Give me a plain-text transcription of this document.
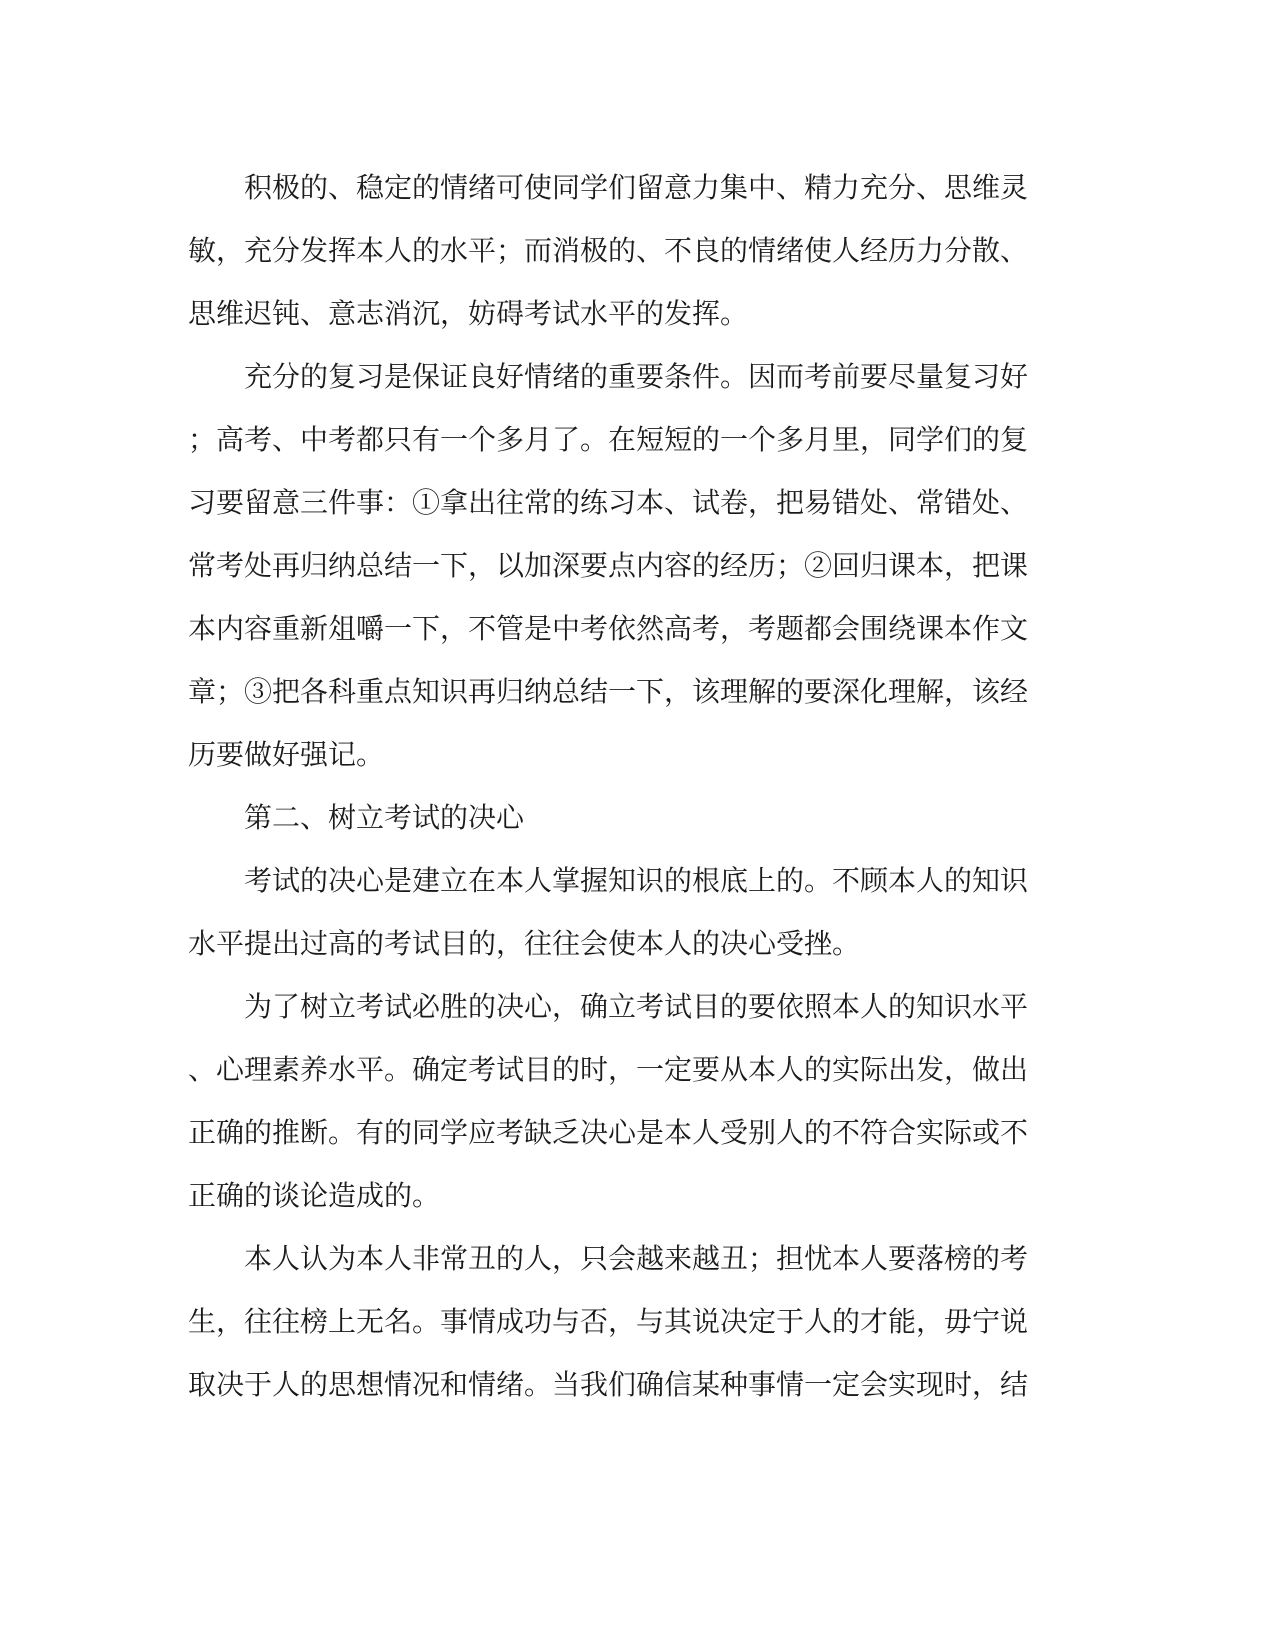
积极的、稳定的情绪可使同学们留意力集中、精力充分、思维灵
敏，充分发挥本人的水平；而消极的、不良的情绪使人经历力分散、
思维迟钝、意志消沉，妨碍考试水平的发挥。

充分的复习是保证良好情绪的重要条件。因而考前要尽量复习好
；高考、中考都只有一个多月了。在短短的一个多月里，同学们的复
习要留意三件事：①拿出往常的练习本、试卷，把易错处、常错处、
常考处再归纳总结一下，以加深要点内容的经历；②回归课本，把课
本内容重新俎嚼一下，不管是中考依然高考，考题都会围绕课本作文
章；③把各科重点知识再归纳总结一下，该理解的要深化理解，该经
历要做好强记。

第二、树立考试的决心

考试的决心是建立在本人掌握知识的根底上的。不顾本人的知识
水平提出过高的考试目的，往往会使本人的决心受挫。

为了树立考试必胜的决心，确立考试目的要依照本人的知识水平
、心理素养水平。确定考试目的时，一定要从本人的实际出发，做出
正确的推断。有的同学应考缺乏决心是本人受别人的不符合实际或不
正确的谈论造成的。

本人认为本人非常丑的人，只会越来越丑；担忧本人要落榜的考
生，往往榜上无名。事情成功与否，与其说决定于人的才能，毋宁说
取决于人的思想情况和情绪。当我们确信某种事情一定会实现时，结
